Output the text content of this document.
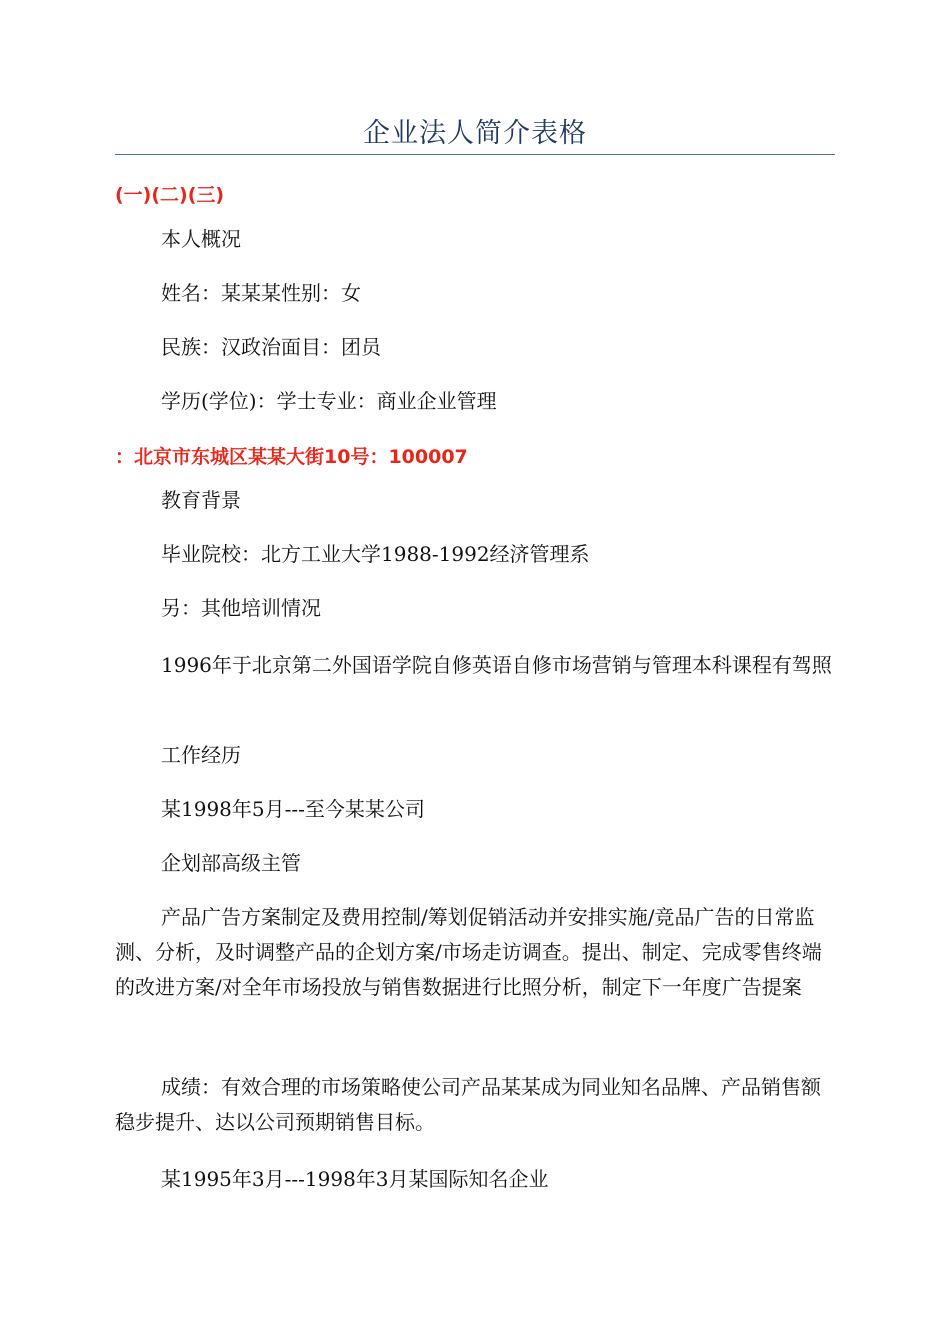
企业法人简介表格
(一)(二)(三)
本人概况
姓名：某某某性别：女
民族：汉政治面目：团员
学历(学位)：学士专业：商业企业管理
：北京市东城区某某大街10号：100007
教育背景
毕业院校：北方工业大学1988-1992经济管理系
另：其他培训情况
1996年于北京第二外国语学院自修英语自修市场营销与管理本科课程有驾照
工作经历
某1998年5月---至今某某公司
企划部高级主管
产品广告方案制定及费用控制/筹划促销活动并安排实施/竞品广告的日常监测、分析，及时调整产品的企划方案/市场走访调查。提出、制定、完成零售终端的改进方案/对全年市场投放与销售数据进行比照分析，制定下一年度广告提案
成绩：有效合理的市场策略使公司产品某某成为同业知名品牌、产品销售额稳步提升、达以公司预期销售目标。
某1995年3月---1998年3月某国际知名企业
